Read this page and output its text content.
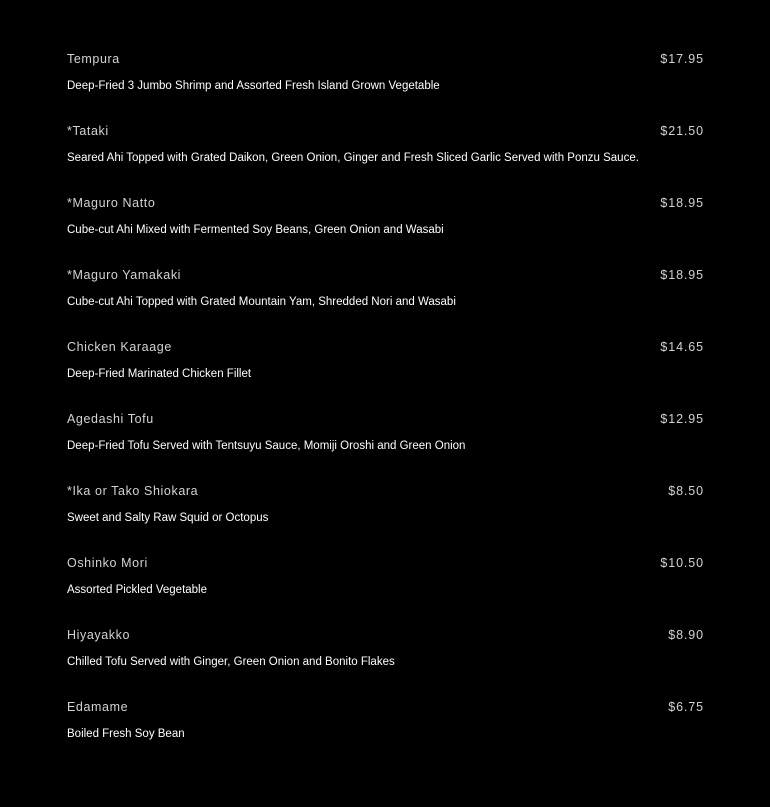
Tempura	$17.95
Deep-Fried 3 Jumbo Shrimp and Assorted Fresh Island Grown Vegetable
*Tataki	$21.50
Seared Ahi Topped with Grated Daikon, Green Onion, Ginger and Fresh Sliced Garlic Served with Ponzu Sauce.
*Maguro Natto	$18.95
Cube-cut Ahi Mixed with Fermented Soy Beans, Green Onion and Wasabi
*Maguro Yamakaki	$18.95
Cube-cut Ahi Topped with Grated Mountain Yam, Shredded Nori and Wasabi
Chicken Karaage	$14.65
Deep-Fried Marinated Chicken Fillet
Agedashi Tofu	$12.95
Deep-Fried Tofu Served with Tentsuyu Sauce, Momiji Oroshi and Green Onion
*Ika or Tako Shiokara	$8.50
Sweet and Salty Raw Squid or Octopus
Oshinko Mori	$10.50
Assorted Pickled Vegetable
Hiyayakko	$8.90
Chilled Tofu Served with Ginger, Green Onion and Bonito Flakes
Edamame	$6.75
Boiled Fresh Soy Bean
